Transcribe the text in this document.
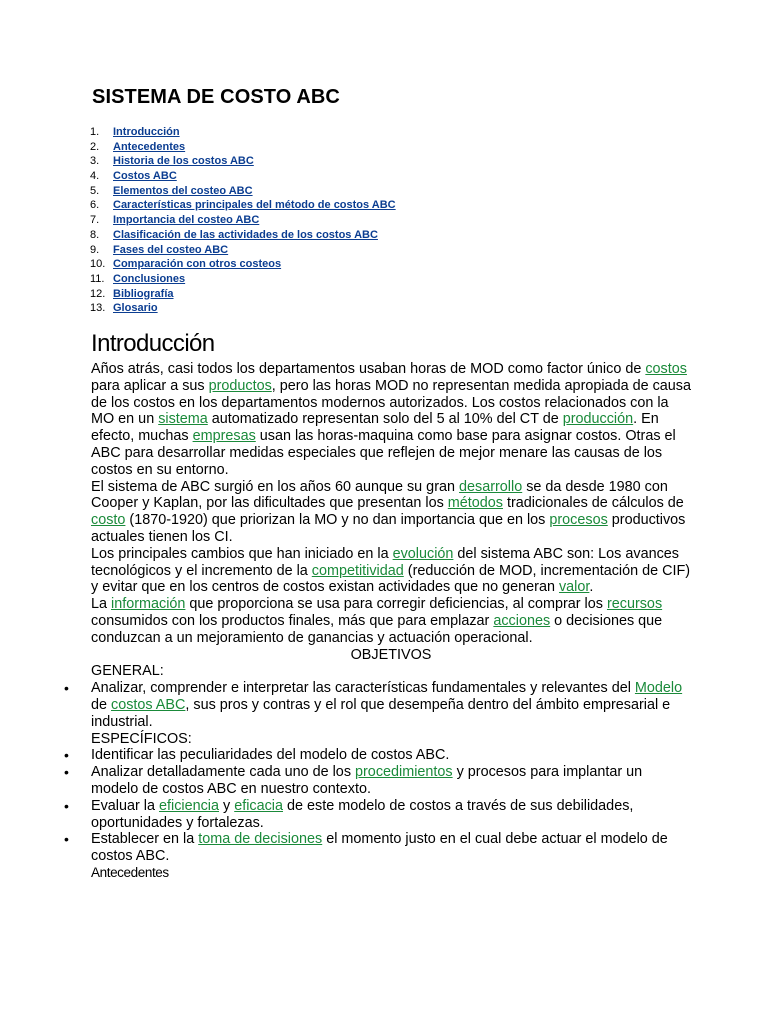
SISTEMA DE COSTO ABC
1. Introducción
2. Antecedentes
3. Historia de los costos ABC
4. Costos ABC
5. Elementos del costeo ABC
6. Características principales del método de costos ABC
7. Importancia del costeo ABC
8. Clasificación de las actividades de los costos ABC
9. Fases del costeo ABC
10. Comparación con otros costeos
11. Conclusiones
12. Bibliografía
13. Glosario
Introducción

Años atrás, casi todos los departamentos usaban horas de MOD como factor único de costos para aplicar a sus productos, pero las horas MOD no representan medida apropiada de causa de los costos en los departamentos modernos autorizados. Los costos relacionados con la MO en un sistema automatizado representan solo del 5 al 10% del CT de producción. En efecto, muchas empresas usan las horas-maquina como base para asignar costos. Otras el ABC para desarrollar medidas especiales que reflejen de mejor menare las causas de los costos en su entorno.

El sistema de ABC surgió en los años 60 aunque su gran desarrollo se da desde 1980 con Cooper y Kaplan, por las dificultades que presentan los métodos tradicionales de cálculos de costo (1870-1920) que priorizan la MO y no dan importancia que en los procesos productivos actuales tienen los CI.

Los principales cambios que han iniciado en la evolución del sistema ABC son: Los avances tecnológicos y el incremento de la competitividad (reducción de MOD, incrementación de CIF) y evitar que en los centros de costos existan actividades que no generan valor.

La información que proporciona se usa para corregir deficiencias, al comprar los recursos consumidos con los productos finales, más que para emplazar acciones o decisiones que conduzcan a un mejoramiento de ganancias y actuación operacional.

OBJETIVOS

GENERAL:

• Analizar, comprender e interpretar las características fundamentales y relevantes del Modelo de costos ABC, sus pros y contras y el rol que desempeña dentro del ámbito empresarial e industrial.

ESPECÍFICOS:

• Identificar las peculiaridades del modelo de costos ABC.

• Analizar detalladamente cada uno de los procedimientos y procesos para implantar un modelo de costos ABC en nuestro contexto.

• Evaluar la eficiencia y eficacia de este modelo de costos a través de sus debilidades, oportunidades y fortalezas.

• Establecer en la toma de decisiones el momento justo en el cual debe actuar el modelo de costos ABC.

Antecedentes
